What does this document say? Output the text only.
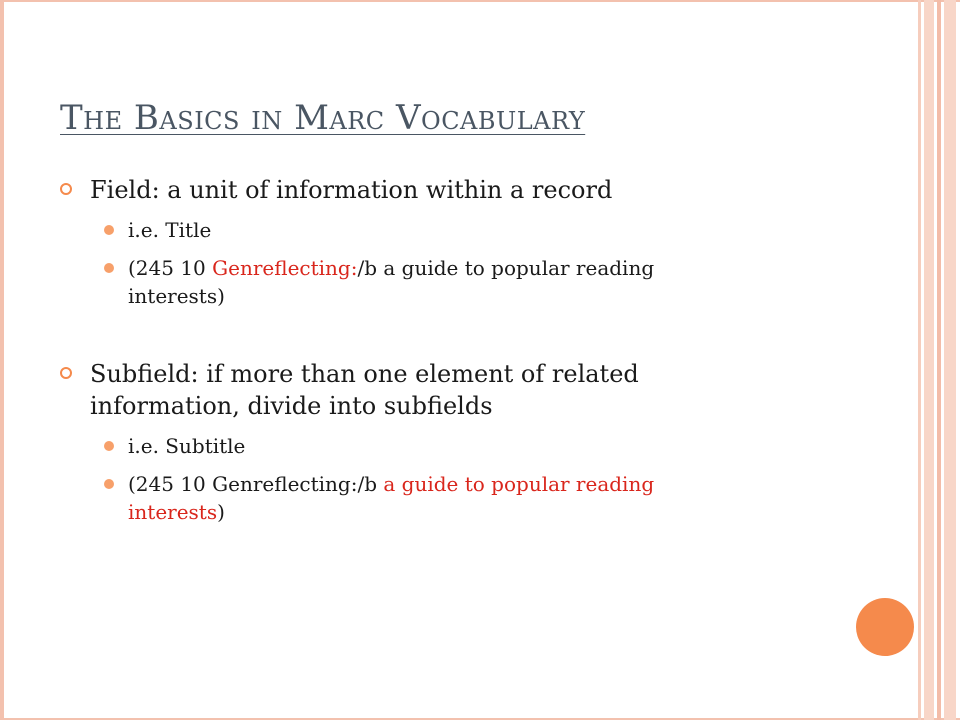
The Basics in Marc Vocabulary
Field: a unit of information within a record
i.e. Title
(245 10 Genreflecting:/b a guide to popular reading
interests)
Subfield: if more than one element of related
information, divide into subfields
i.e. Subtitle
(245 10 Genreflecting:/b a guide to popular reading
interests)
